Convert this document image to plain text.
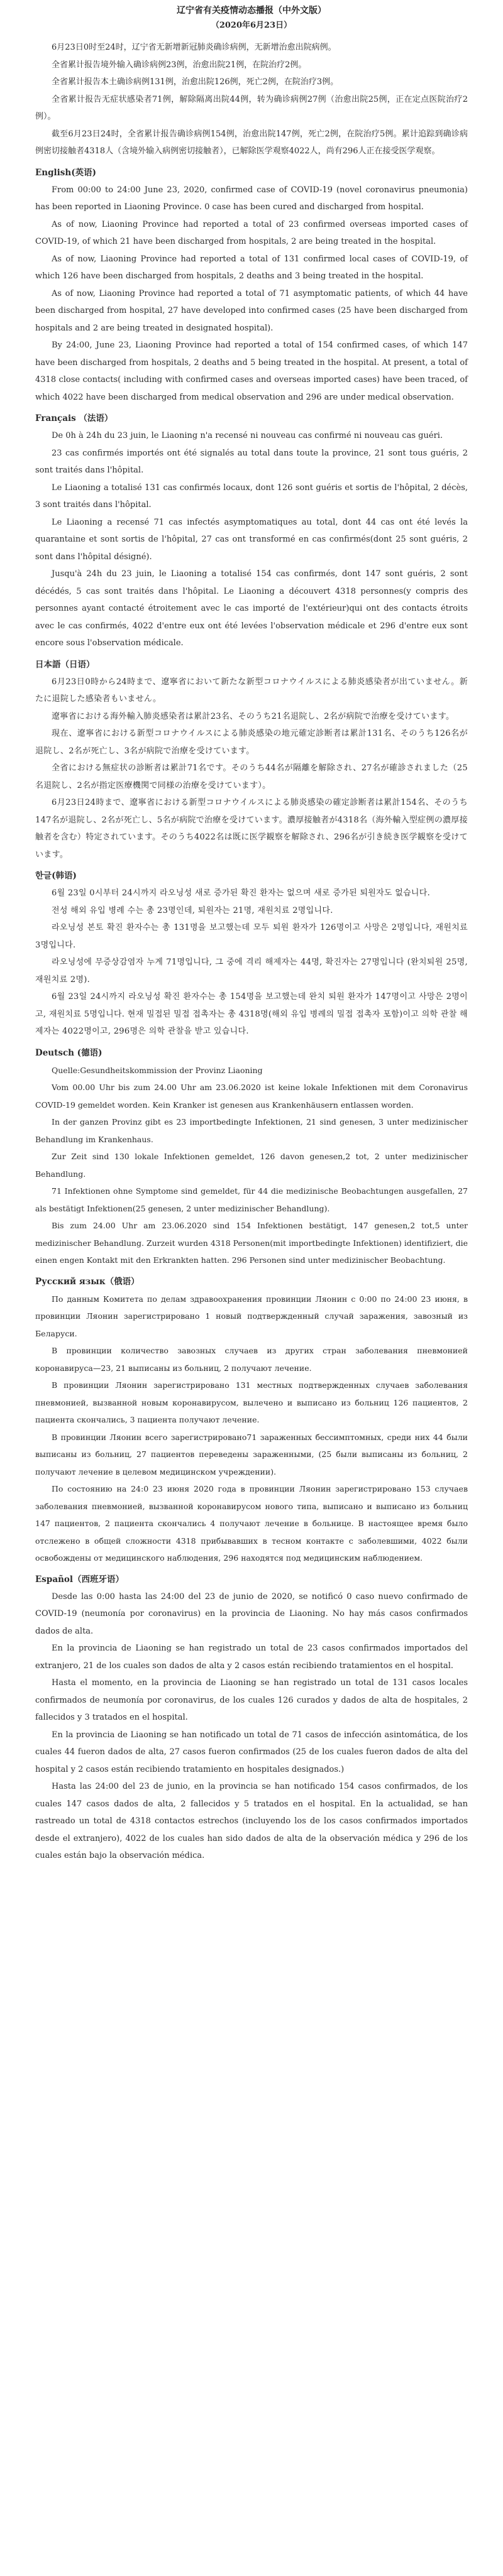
辽宁省有关疫情动态播报（中外文版）
（2020年6月23日）

6月23日0时至24时，辽宁省无新增新冠肺炎确诊病例，无新增治愈出院病例。

全省累计报告境外输入确诊病例23例，治愈出院21例，在院治疗2例。

全省累计报告本土确诊病例131例，治愈出院126例，死亡2例，在院治疗3例。

全省累计报告无症状感染者71例，解除隔离出院44例，转为确诊病例27例（治愈出院25例，正在定点医院治疗2例）。

截至6月23日24时，全省累计报告确诊病例154例，治愈出院147例，死亡2例，在院治疗5例。累计追踪到确诊病例密切接触者4318人（含境外输入病例密切接触者），已解除医学观察4022人，尚有296人正在接受医学观察。

English(英语)

From 00:00 to 24:00 June 23, 2020, confirmed case of COVID-19 (novel coronavirus pneumonia) has been reported in Liaoning Province. 0 case has been cured and discharged from hospital.

As of now, Liaoning Province had reported a total of 23 confirmed overseas imported cases of COVID-19, of which 21 have been discharged from hospitals, 2 are being treated in the hospital.

As of now, Liaoning Province had reported a total of 131 confirmed local cases of COVID-19, of which 126 have been discharged from hospitals, 2 deaths and 3 being treated in the hospital.

As of now, Liaoning Province had reported a total of 71 asymptomatic patients, of which 44 have been discharged from hospital, 27 have developed into confirmed cases (25 have been discharged from hospitals and 2 are being treated in designated hospital).

By 24:00, June 23, Liaoning Province had reported a total of 154 confirmed cases, of which 147 have been discharged from hospitals, 2 deaths and 5 being treated in the hospital. At present, a total of 4318 close contacts( including with confirmed cases and overseas imported cases) have been traced, of which 4022 have been discharged from medical observation and 296 are under medical observation.

Français （法语）

De 0h à 24h du 23 juin, le Liaoning n'a recensé ni nouveau cas confirmé ni nouveau cas guéri.

23 cas confirmés importés ont été signalés au total dans toute la province, 21 sont tous guéris, 2 sont traités dans l'hôpital.

Le Liaoning a totalisé 131 cas confirmés locaux, dont 126 sont guéris et sortis de l'hôpital, 2 décès, 3 sont traités dans l'hôpital.

Le Liaoning a recensé 71 cas infectés asymptomatiques au total, dont 44 cas ont été levés la quarantaine et sont sortis de l'hôpital, 27 cas ont transformé en cas confirmés(dont 25 sont guéris, 2 sont dans l'hôpital désigné).

Jusqu'à 24h du 23 juin, le Liaoning a totalisé 154 cas confirmés, dont 147 sont guéris, 2 sont décédés, 5 cas sont traités dans l'hôpital. Le Liaoning a découvert 4318 personnes(y compris des personnes ayant contacté étroitement avec le cas importé de l'extérieur)qui ont des contacts étroits avec le cas confirmés, 4022 d'entre eux ont été levées l'observation médicale et 296 d'entre eux sont encore sous l'observation médicale.

日本語（日语）

6月23日0時から24時まで、遼寧省において新たな新型コロナウイルスによる肺炎感染者が出ていません。新たに退院した感染者もいません。

遼寧省における海外輸入肺炎感染者は累計23名、そのうち21名退院し、2名が病院で治療を受けています。

現在、遼寧省における新型コロナウイルスによる肺炎感染の地元確定診断者は累計131名、そのうち126名が退院し、2名が死亡し、3名が病院で治療を受けています。

全省における無症状の診断者は累計71名です。そのうち44名が隔離を解除され、27名が確診されました（25名退院し、2名が指定医療機関で同様の治療を受けています）。

6月23日24時まで、遼寧省における新型コロナウイルスによる肺炎感染の確定診断者は累計154名、そのうち147名が退院し、2名が死亡し、5名が病院で治療を受けています。濃厚接触者が4318名（海外輸入型症例の濃厚接触者を含む）特定されています。そのうち4022名は既に医学観察を解除され、296名が引き続き医学観察を受けています。

한글(韩语)

6월 23일 0시부터 24시까지 라오닝성 새로 증가된 확진 환자는 없으며 새로 증가된 퇴원자도 없습니다.

전성 해외 유입 병례 수는 총 23명인데, 퇴원자는 21명, 재원치료 2명입니다.

라오닝성 본토 확진 환자수는 총 131명을 보고했는데 모두 퇴원 환자가 126명이고 사망은 2명입니다, 재원치료 3명입니다.

라오닝성에 무증상감염자 누계 71명입니다, 그 중에 격리 해제자는 44명, 확진자는 27명입니다 (완치퇴원 25명, 재원치료 2명).

6월 23일 24시까지 라오닝성 확진 환자수는 총 154명을 보고했는데 완치 퇴원 환자가 147명이고 사망은 2명이고, 재원치료 5명입니다. 현재 밀접된 밀접 접촉자는 총 4318명(해외 유입 병례의 밀접 접촉자 포함)이고 의학 관찰 해제자는 4022명이고, 296명은 의학 관찰을 받고 있습니다.

Deutsch (德语)

Quelle:Gesundheitskommission der Provinz Liaoning

Vom 00.00 Uhr bis zum 24.00 Uhr am 23.06.2020 ist keine lokale Infektionen mit dem Coronavirus COVID-19 gemeldet worden. Kein Kranker ist genesen aus Krankenhäusern entlassen worden.

In der ganzen Provinz gibt es 23 importbedingte Infektionen, 21 sind genesen, 3 unter medizinischer Behandlung im Krankenhaus.

Zur Zeit sind 130 lokale Infektionen gemeldet, 126 davon genesen,2 tot, 2 unter medizinischer Behandlung.

71 Infektionen ohne Symptome sind gemeldet, für 44 die medizinische Beobachtungen ausgefallen, 27 als bestätigt Infektionen(25 genesen, 2 unter medizinischer Behandlung).

Bis zum 24.00 Uhr am 23.06.2020 sind 154 Infektionen bestätigt, 147 genesen,2 tot,5 unter medizinischer Behandlung. Zurzeit wurden 4318 Personen(mit importbedingte Infektionen) identifiziert, die einen engen Kontakt mit den Erkrankten hatten. 296 Personen sind unter medizinischer Beobachtung.

Русский язык（俄语）

По данным Комитета по делам здравоохранения провинции Ляонин с 0:00 по 24:00 23 июня, в провинции Ляонин зарегистрировано 1 новый подтвержденный случай заражения, завозный из Беларуси.

В провинции количество завозных случаев из других стран заболевания пневмонией коронавируса—23, 21 выписаны из больниц, 2 получают лечение.

В провинции Ляонин зарегистрировано 131 местных подтвержденных случаев заболевания пневмонией, вызванной новым коронавирусом, вылечено и выписано из больниц 126 пациентов, 2 пациента скончались, 3 пациента получают лечение.

В провинции Ляонин всего зарегистрировано71 зараженных бессимптомных, среди них 44 были выписаны из больниц, 27 пациентов переведены зараженными, (25 были выписаны из больниц, 2 получают лечение в целевом медицинском учреждении).

По состоянию на 24:0 23 июня 2020 года в провинции Ляонин зарегистрировано 153 случаев заболевания пневмонией, вызванной коронавирусом нового типа, выписано и выписано из больниц 147 пациентов, 2 пациента скончались 4 получают лечение в больнице. В настоящее время было отслежено в общей сложности 4318 прибывавших в тесном контакте с заболевшими, 4022 были освобождены от медицинского наблюдения, 296 находятся под медицинским наблюдением.

Español（西班牙语）

Desde las 0:00 hasta las 24:00 del 23 de junio de 2020, se notificó 0 caso nuevo confirmado de COVID-19 (neumonía por coronavirus) en la provincia de Liaoning. No hay más casos confirmados dados de alta.

En la provincia de Liaoning se han registrado un total de 23 casos confirmados importados del extranjero, 21 de los cuales son dados de alta y 2 casos están recibiendo tratamientos en el hospital.

Hasta el momento, en la provincia de Liaoning se han registrado un total de 131 casos locales confirmados de neumonía por coronavirus, de los cuales 126 curados y dados de alta de hospitales, 2 fallecidos y 3 tratados en el hospital.

En la provincia de Liaoning se han notificado un total de 71 casos de infección asintomática, de los cuales 44 fueron dados de alta, 27 casos fueron confirmados (25 de los cuales fueron dados de alta del hospital y 2 casos están recibiendo tratamiento en hospitales designados.)

Hasta las 24:00 del 23 de junio, en la provincia se han notificado 154 casos confirmados, de los cuales 147 casos dados de alta, 2 fallecidos y 5 tratados en el hospital. En la actualidad, se han rastreado un total de 4318 contactos estrechos (incluyendo los de los casos confirmados importados desde el extranjero), 4022 de los cuales han sido dados de alta de la observación médica y 296 de los cuales están bajo la observación médica.
